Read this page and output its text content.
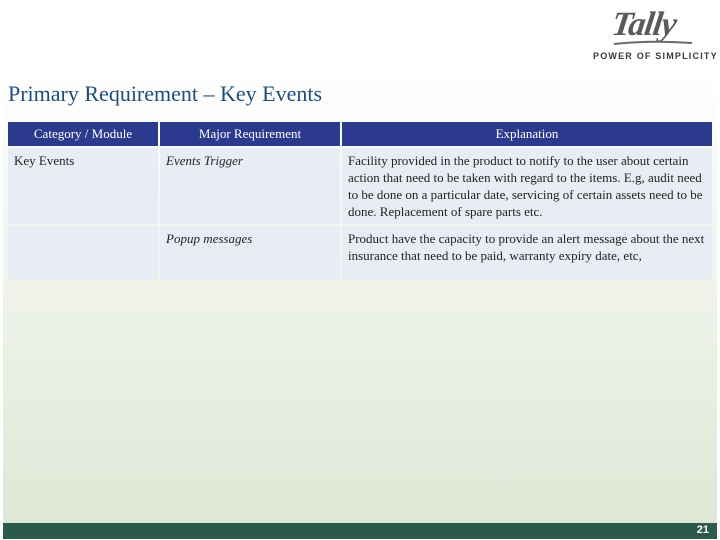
Tally
POWER OF SIMPLICITY
Primary Requirement – Key Events
Category / Module	Major Requirement	Explanation
Key Events	Events Trigger	Facility provided in the product to notify to the user about certain action that need to be taken with regard to the items. E.g, audit need to be done on a particular date, servicing of certain assets need to be done. Replacement of spare parts etc.
	Popup messages	Product have the capacity to provide an alert message about the next insurance that need to be paid, warranty expiry date, etc,
21
